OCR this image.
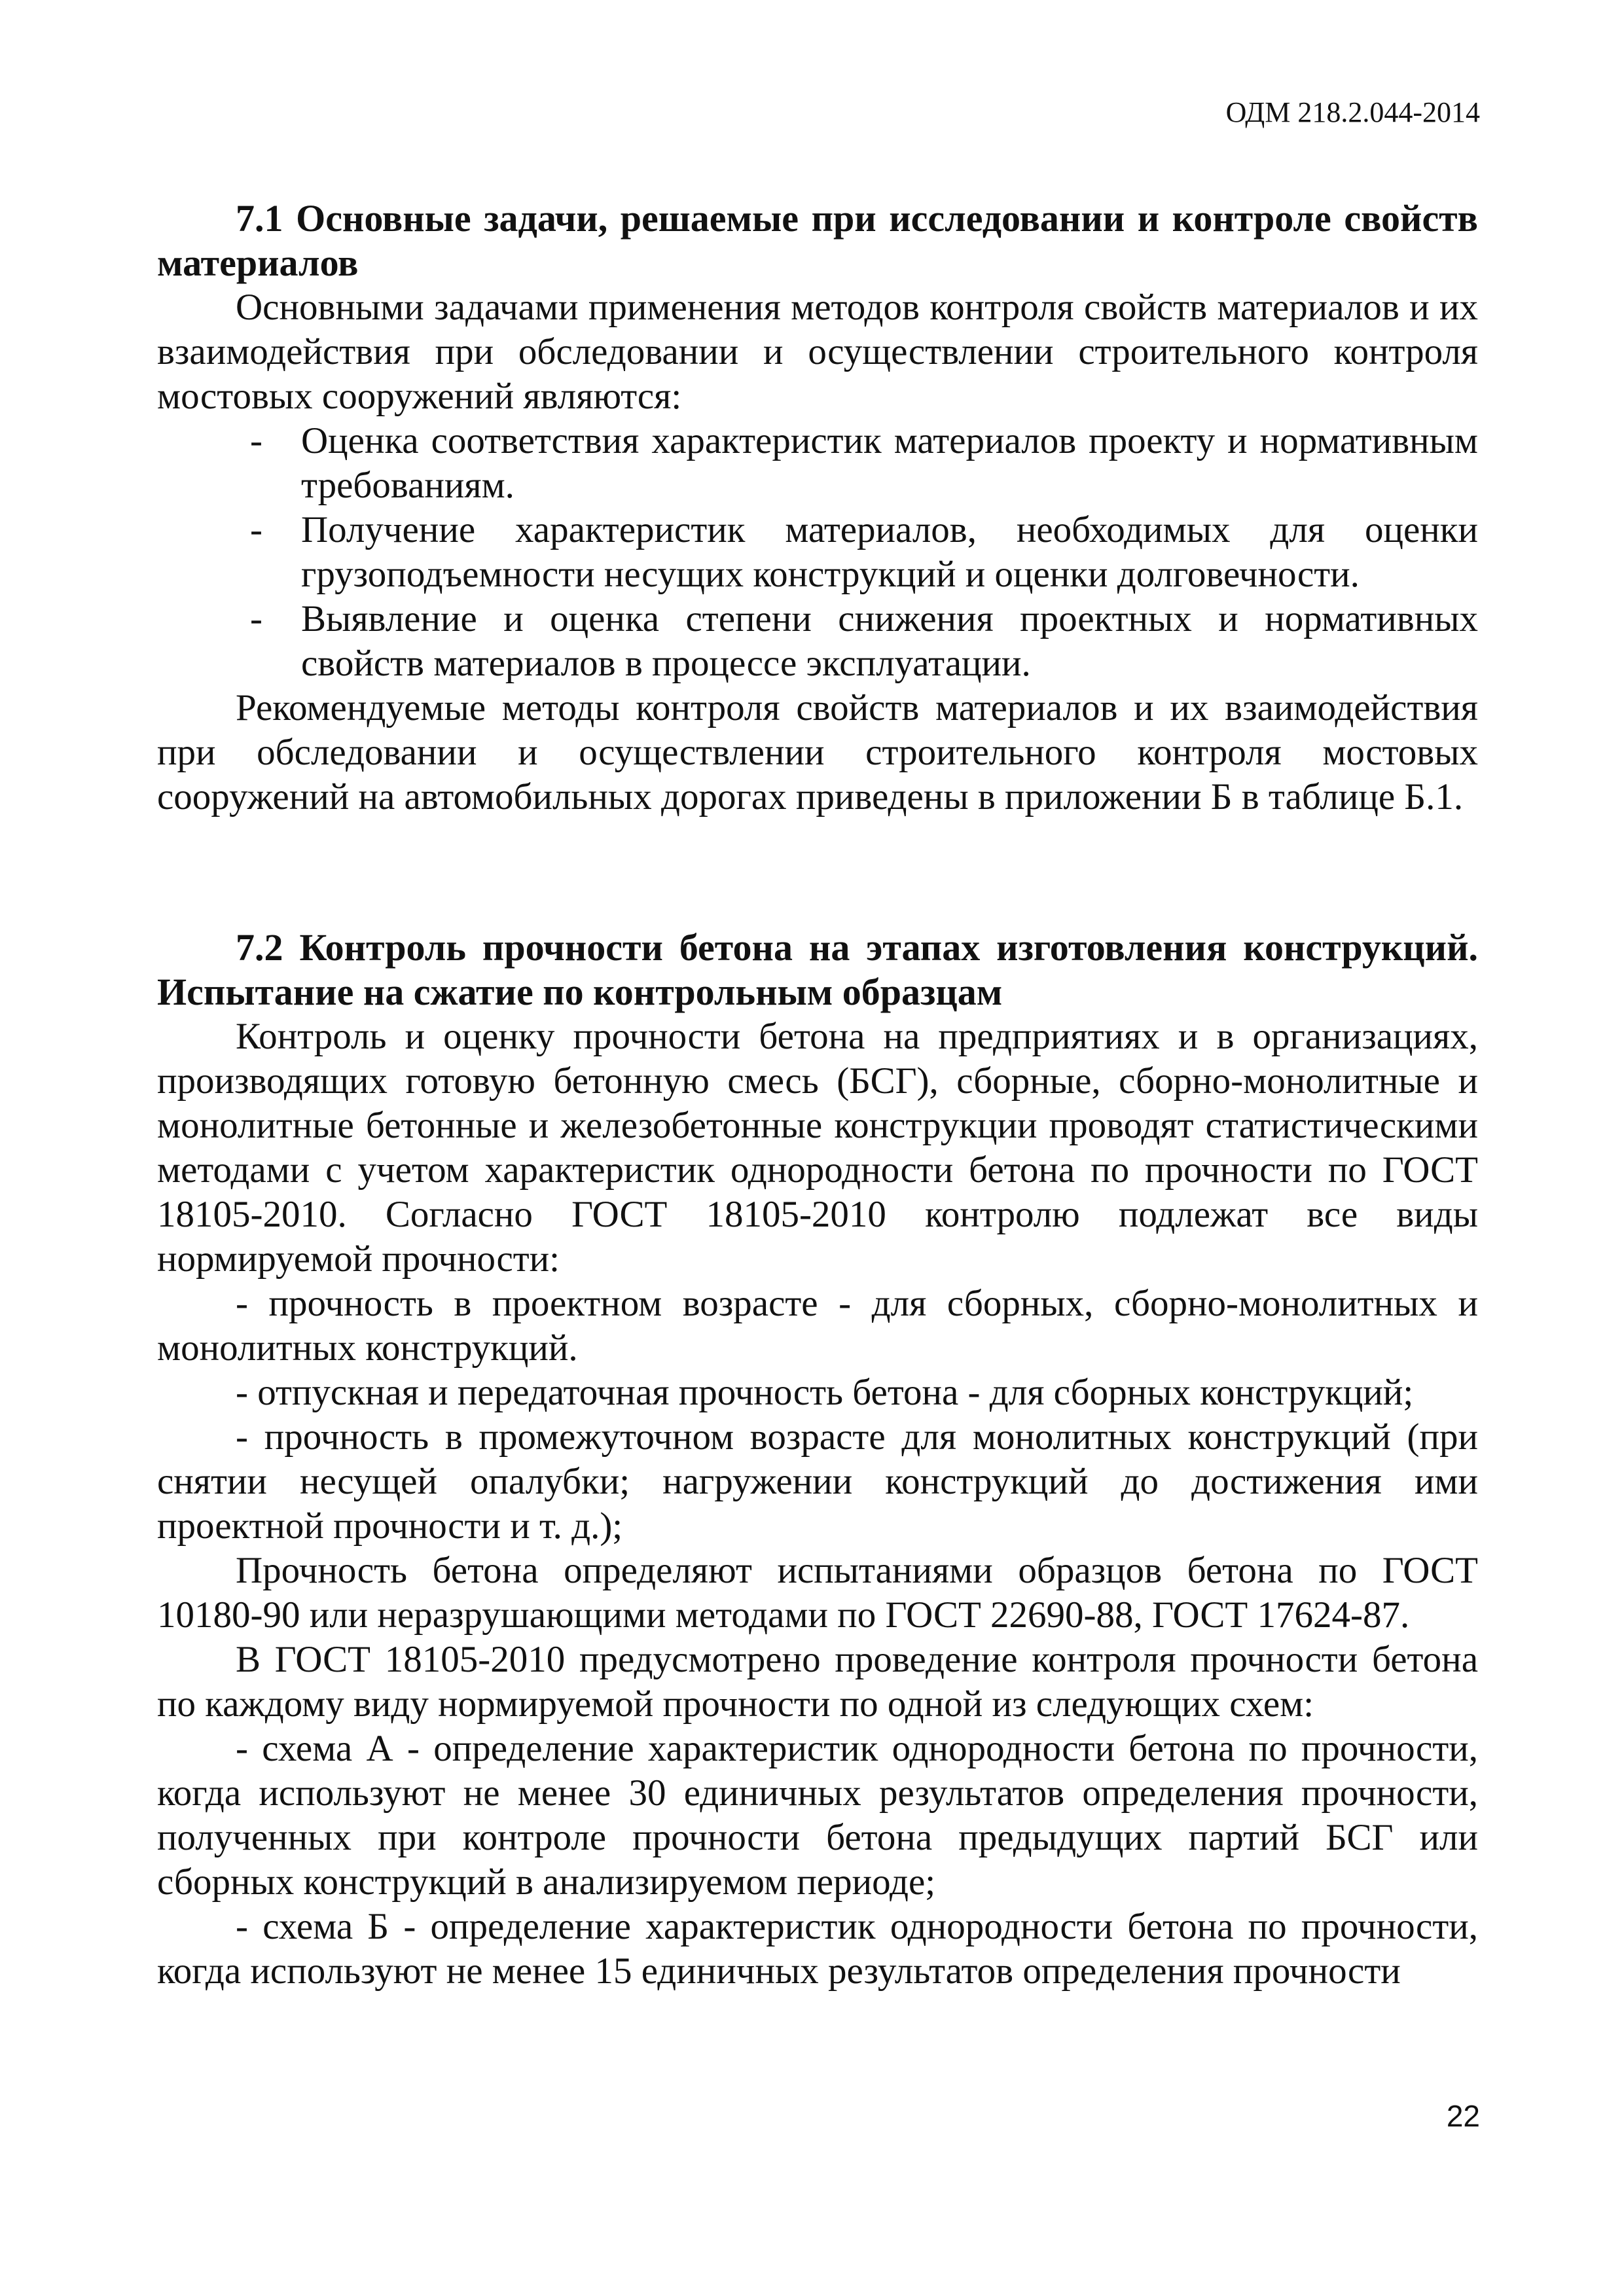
ОДМ 218.2.044-2014
7.1 Основные задачи, решаемые при исследовании и контроле свойств материалов

Основными задачами применения методов контроля свойств материалов и их взаимодействия при обследовании и осуществлении строительного контроля мостовых сооружений являются:

- Оценка соответствия характеристик материалов проекту и нормативным требованиям.
- Получение характеристик материалов, необходимых для оценки грузоподъемности несущих конструкций и оценки долговечности.
- Выявление и оценка степени снижения проектных и нормативных свойств материалов в процессе эксплуатации.

Рекомендуемые методы контроля свойств материалов и их взаимодействия при обследовании и осуществлении строительного контроля мостовых сооружений на автомобильных дорогах приведены в приложении Б в таблице Б.1.

7.2 Контроль прочности бетона на этапах изготовления конструкций. Испытание на сжатие по контрольным образцам

Контроль и оценку прочности бетона на предприятиях и в организациях, производящих готовую бетонную смесь (БСГ), сборные, сборно-монолитные и монолитные бетонные и железобетонные конструкции проводят статистическими методами с учетом характеристик однородности бетона по прочности по ГОСТ 18105-2010. Согласно ГОСТ 18105-2010 контролю подлежат все виды нормируемой прочности:

- прочность в проектном возрасте - для сборных, сборно-монолитных и монолитных конструкций.

- отпускная и передаточная прочность бетона - для сборных конструкций;

- прочность в промежуточном возрасте для монолитных конструкций (при снятии несущей опалубки; нагружении конструкций до достижения ими проектной прочности и т. д.);

Прочность бетона определяют испытаниями образцов бетона по ГОСТ 10180-90 или неразрушающими методами по ГОСТ 22690-88, ГОСТ 17624-87.

В ГОСТ 18105-2010 предусмотрено проведение контроля прочности бетона по каждому виду нормируемой прочности по одной из следующих схем:

- схема А - определение характеристик однородности бетона по прочности, когда используют не менее 30 единичных результатов определения прочности, полученных при контроле прочности бетона предыдущих партий БСГ или сборных конструкций в анализируемом периоде;

- схема Б - определение характеристик однородности бетона по прочности, когда используют не менее 15 единичных результатов определения прочности

22
